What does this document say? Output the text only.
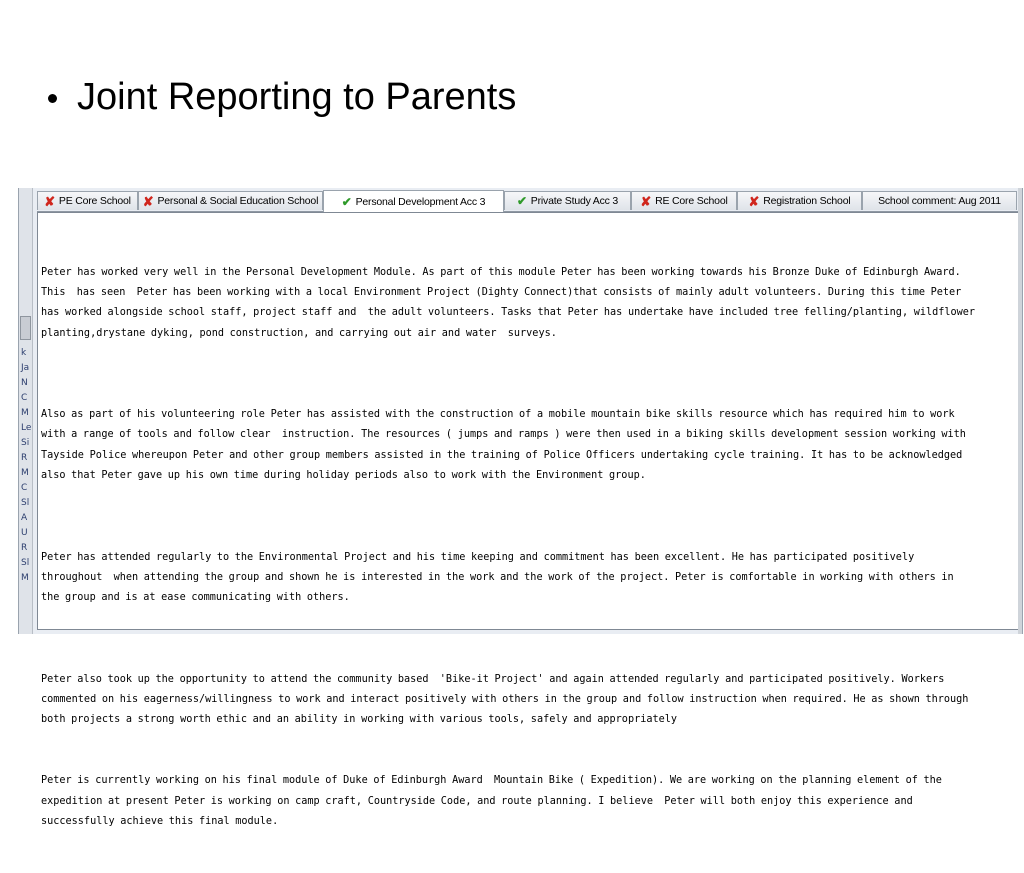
Joint Reporting to Parents
k
Ja
N
C
M
Le
Si
R
M
C
Sl
A
U
R
Sl
M
✘ PE Core School ✘ Personal & Social Education School ✔ Personal Development Acc 3	✔ Private Study Acc 3 ✘ RE Core School ✘ Registration School	School comment: Aug 2011

Peter has worked very well in the Personal Development Module. As part of this module Peter has been working towards his Bronze Duke of Edinburgh Award.
This  has seen  Peter has been working with a local Environment Project (Dighty Connect)that consists of mainly adult volunteers. During this time Peter
has worked alongside school staff, project staff and  the adult volunteers. Tasks that Peter has undertake have included tree felling/planting, wildflower
planting,drystane dyking, pond construction, and carrying out air and water  surveys.

Also as part of his volunteering role Peter has assisted with the construction of a mobile mountain bike skills resource which has required him to work
with a range of tools and follow clear  instruction. The resources ( jumps and ramps ) were then used in a biking skills development session working with
Tayside Police whereupon Peter and other group members assisted in the training of Police Officers undertaking cycle training. It has to be acknowledged
also that Peter gave up his own time during holiday periods also to work with the Environment group.

Peter has attended regularly to the Environmental Project and his time keeping and commitment has been excellent. He has participated positively
throughout  when attending the group and shown he is interested in the work and the work of the project. Peter is comfortable in working with others in
the group and is at ease communicating with others.

Peter also took up the opportunity to attend the community based  'Bike-it Project' and again attended regularly and participated positively. Workers
commented on his eagerness/willingness to work and interact positively with others in the group and follow instruction when required. He as shown through
both projects a strong worth ethic and an ability in working with various tools, safely and appropriately

Peter is currently working on his final module of Duke of Edinburgh Award  Mountain Bike ( Expedition). We are working on the planning element of the
expedition at present Peter is working on camp craft, Countryside Code, and route planning. I believe  Peter will both enjoy this experience and
successfully achieve this final module.
